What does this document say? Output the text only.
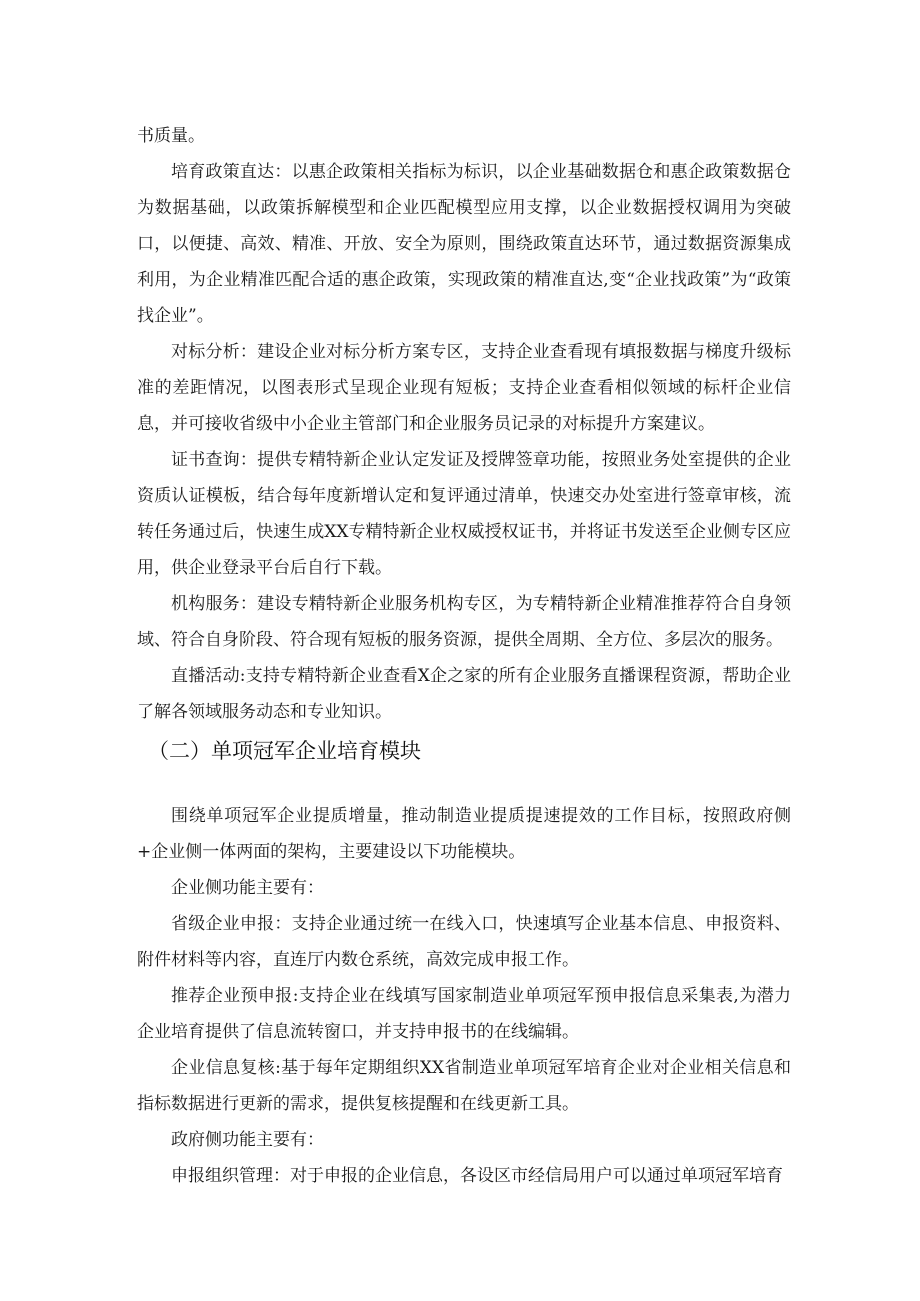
书质量。
培育政策直达：以惠企政策相关指标为标识，以企业基础数据仓和惠企政策数据仓为数据基础，以政策拆解模型和企业匹配模型应用支撑，以企业数据授权调用为突破口，以便捷、高效、精准、开放、安全为原则，围绕政策直达环节，通过数据资源集成利用，为企业精准匹配合适的惠企政策，实现政策的精准直达,变“企业找政策”为“政策找企业”。
对标分析：建设企业对标分析方案专区，支持企业查看现有填报数据与梯度升级标准的差距情况，以图表形式呈现企业现有短板；支持企业查看相似领域的标杆企业信息，并可接收省级中小企业主管部门和企业服务员记录的对标提升方案建议。
证书查询：提供专精特新企业认定发证及授牌签章功能，按照业务处室提供的企业资质认证模板，结合每年度新增认定和复评通过清单，快速交办处室进行签章审核，流转任务通过后，快速生成XX专精特新企业权威授权证书，并将证书发送至企业侧专区应用，供企业登录平台后自行下载。
机构服务：建设专精特新企业服务机构专区，为专精特新企业精准推荐符合自身领域、符合自身阶段、符合现有短板的服务资源，提供全周期、全方位、多层次的服务。
直播活动:支持专精特新企业查看X企之家的所有企业服务直播课程资源，帮助企业了解各领域服务动态和专业知识。
（二）单项冠军企业培育模块
围绕单项冠军企业提质增量，推动制造业提质提速提效的工作目标，按照政府侧+企业侧一体两面的架构，主要建设以下功能模块。
企业侧功能主要有：
省级企业申报：支持企业通过统一在线入口，快速填写企业基本信息、申报资料、附件材料等内容，直连厅内数仓系统，高效完成申报工作。
推荐企业预申报:支持企业在线填写国家制造业单项冠军预申报信息采集表,为潜力企业培育提供了信息流转窗口，并支持申报书的在线编辑。
企业信息复核:基于每年定期组织XX省制造业单项冠军培育企业对企业相关信息和指标数据进行更新的需求，提供复核提醒和在线更新工具。
政府侧功能主要有：
申报组织管理：对于申报的企业信息，各设区市经信局用户可以通过单项冠军培育
